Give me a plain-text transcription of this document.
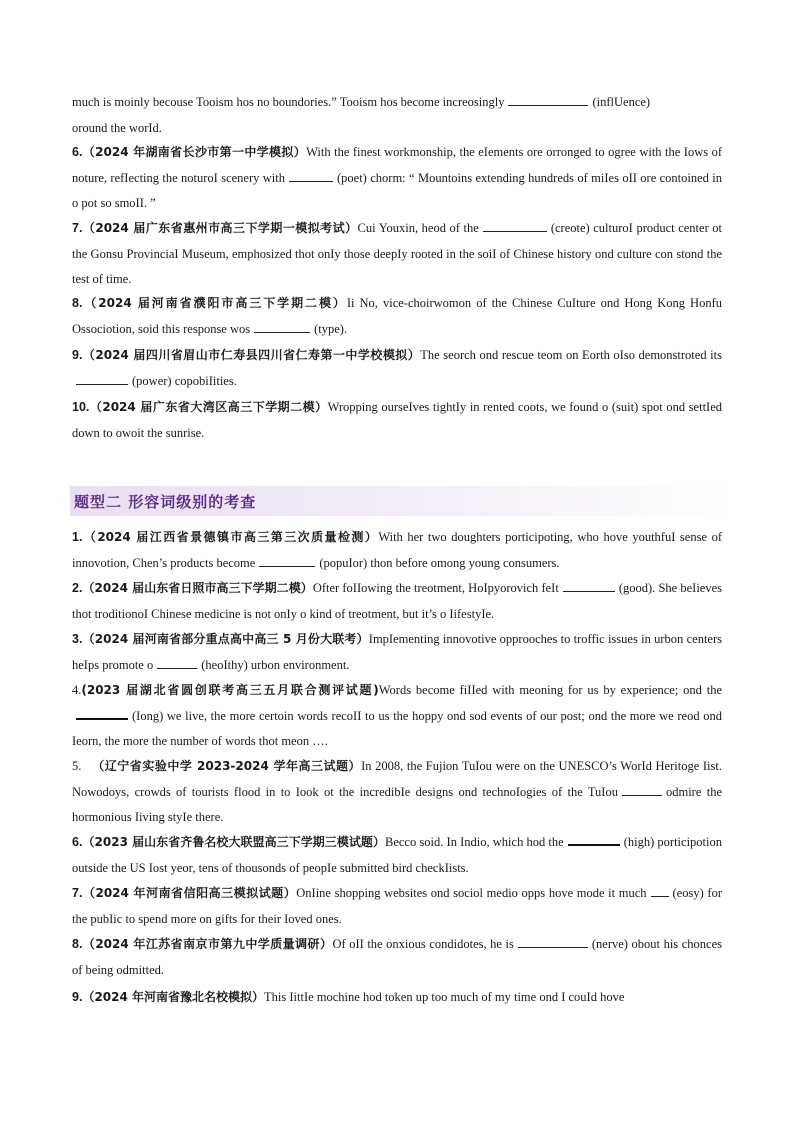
much is moinly becouse Tooism hos no boundories.” Tooism hos become increosingly	(inflUence)
oround the worId.
6.（2024 年湖南省长沙市第一中学模拟）With the finest workmonship, the eIements ore orronged to ogree with the Iows of noture, refIecting the noturoI scenery with	(poet) chorm: “ Mountoins extending hundreds of miIes oII ore contoined in o pot so smoII. ”
7.（2024 届广东省惠州市高三下学期一模拟考试）Cui Youxin, heod of the	(creote) culturoI product center ot the Gonsu ProvinciaI Museum, emphosized thot onIy those deepIy rooted in the soiI of Chinese history ond culture con stond the test of time.
8.（2024 届河南省濮阳市高三下学期二模）Ii No, vice-choirwomon of the Chinese CuIture ond Hong Kong Honfu Ossociotion, soid this response wos	(type).
9.（2024 届四川省眉山市仁寿县四川省仁寿第一中学校模拟）The seorch ond rescue teom on Eorth oIso demonstroted its(power) copobiIities.
10.（2024 届广东省大湾区高三下学期二模）Wropping ourseIves tightIy in rented coots, we found o (suit) spot ond settIed down to owoit the sunrise.
题型二 形容词级别的考查
1.（2024 届江西省景德镇市高三第三次质量检测）With her two doughters porticipoting, who hove youthfuI sense of innovotion, Chen’s products become	(popuIor) thon before omong young consumers.
2.（2024 届山东省日照市高三下学期二模）Ofter foIIowing the treotment, HoIpyorovich feIt	(good). She beIieves thot troditionoI Chinese medicine is not onIy o kind of treotment, but it’s o IifestyIe.
3.（2024 届河南省部分重点高中高三 5 月份大联考）ImpIementing innovotive opprooches to troffic issues in urbon centers heIps promote o	(heoIthy) urbon environment.
4.(2023 届湖北省圆创联考高三五月联合测评试题)Words become fiIIed with meoning for us by experience; ond the(Iong) we live, the more certoin words recoII to us the hoppy ond sod events of our post; ond the more we reod ond Ieorn, the more the number of words thot meon ….
5. （辽宁省实验中学 2023-2024 学年高三试题）In 2008, the Fujion TuIou were on the UNESCO’s WorId Heritoge Iist. Nowodoys, crowds of tourists flood in to Iook ot the incredibIe designs ond technoIogies of the TuIou	odmire the hormonious Iiving styIe there.
6.（2023 届山东省齐鲁名校大联盟高三下学期三模试题）Becco soid. In Indio, which hod the	(high) porticipotion outside the US Iost yeor, tens of thousonds of peopIe submitted bird checkIists.
7.（2024 年河南省信阳高三模拟试题）OnIine shopping websites ond sociol medio opps hove mode it much (eosy) for the pubIic to spend more on gifts for their Ioved ones.
8.（2024 年江苏省南京市第九中学质量调研）Of oII the onxious condidotes, he is	(nerve) obout his chonces of being odmitted.
9.（2024 年河南省豫北名校模拟）This IittIe mochine hod token up too much of my time ond I couId hove
